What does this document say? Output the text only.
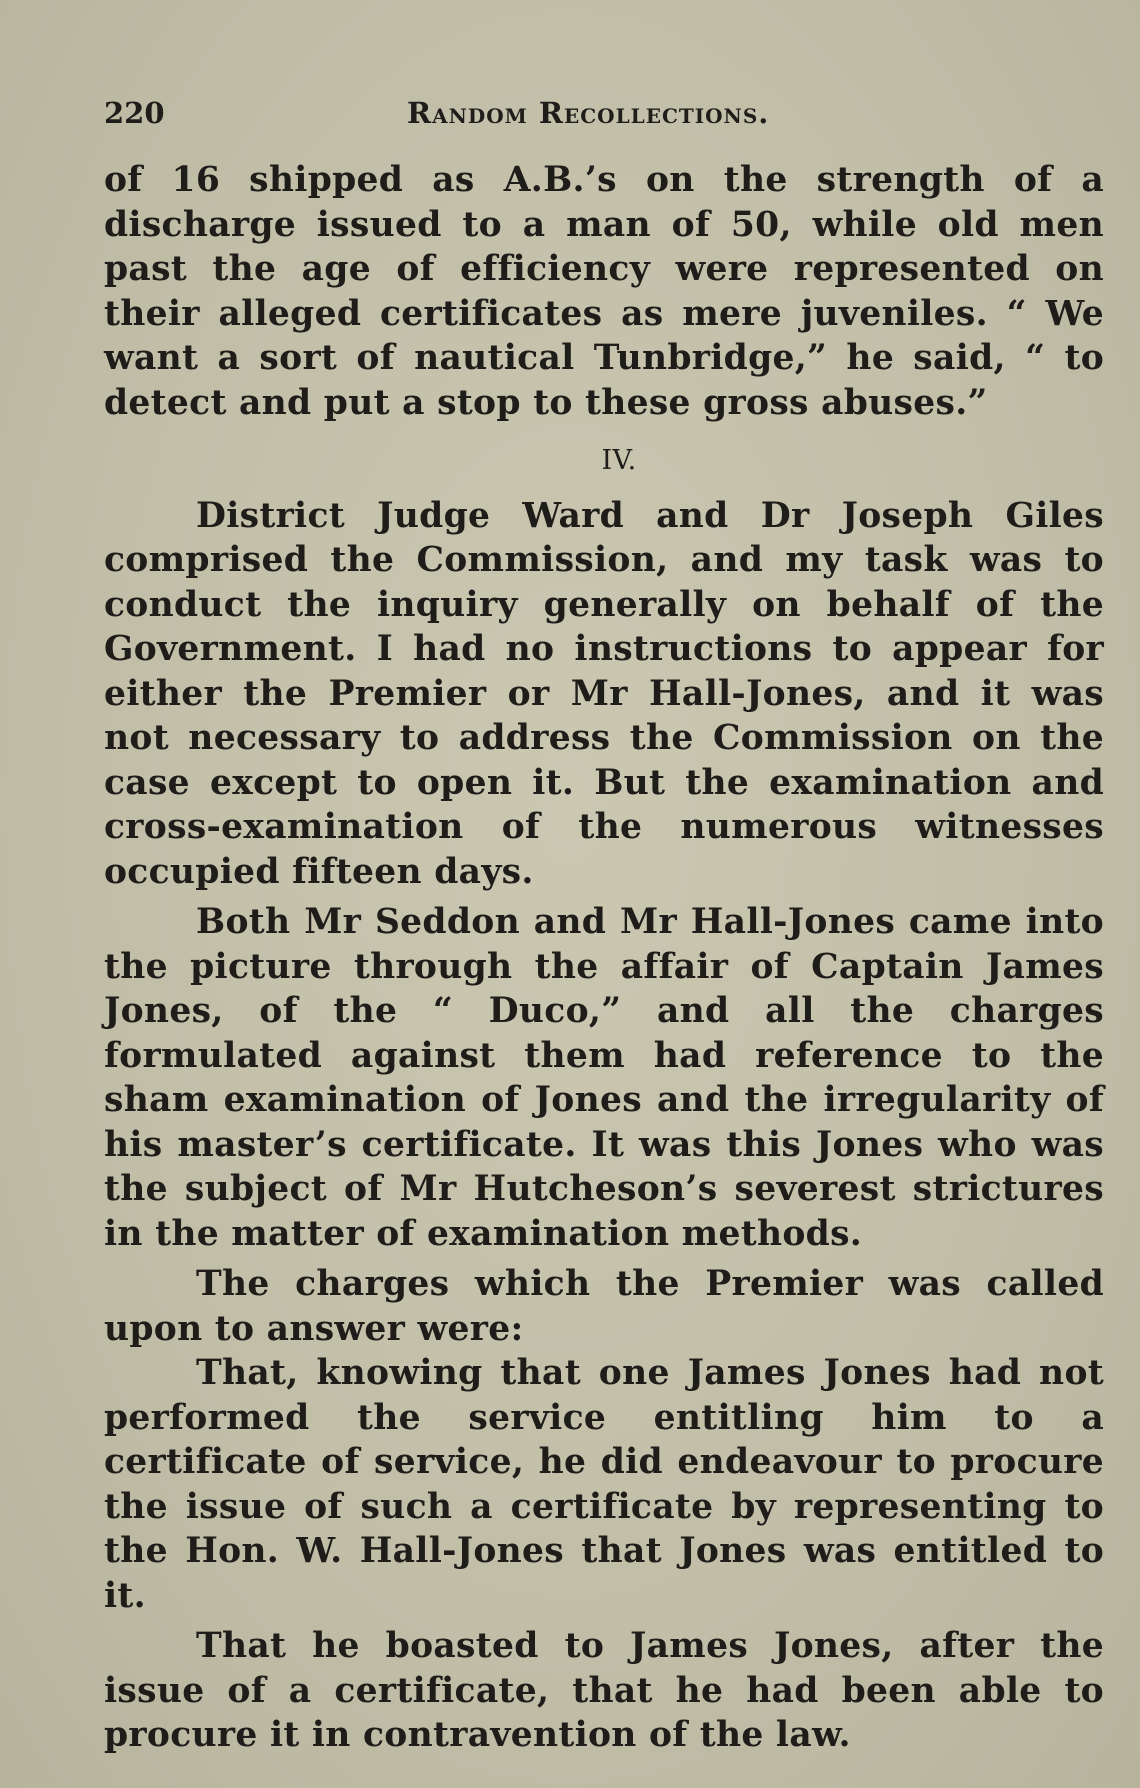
220	Random Recollections.

of 16 shipped as A.B.’s on the strength of a discharge issued to a man of 50, while old men past the age of efficiency were represented on their alleged certificates as mere juveniles. “ We want a sort of nautical Tunbridge,” he said, “ to detect and put a stop to these gross abuses.”

IV.

District Judge Ward and Dr Joseph Giles comprised the Commission, and my task was to conduct the inquiry generally on behalf of the Government. I had no instructions to appear for either the Premier or Mr Hall-Jones, and it was not necessary to address the Commission on the case except to open it. But the examination and cross-examination of the numerous witnesses occupied fifteen days.

Both Mr Seddon and Mr Hall-Jones came into the picture through the affair of Captain James Jones, of the “ Duco,” and all the charges formulated against them had reference to the sham examination of Jones and the irregularity of his master’s certificate. It was this Jones who was the subject of Mr Hutcheson’s severest strictures in the matter of examination methods.

The charges which the Premier was called upon to answer were:

That, knowing that one James Jones had not performed the service entitling him to a certificate of service, he did endeavour to procure the issue of such a certificate by representing to the Hon. W. Hall-Jones that Jones was entitled to it.

That he boasted to James Jones, after the issue of a certificate, that he had been able to procure it in contravention of the law.
